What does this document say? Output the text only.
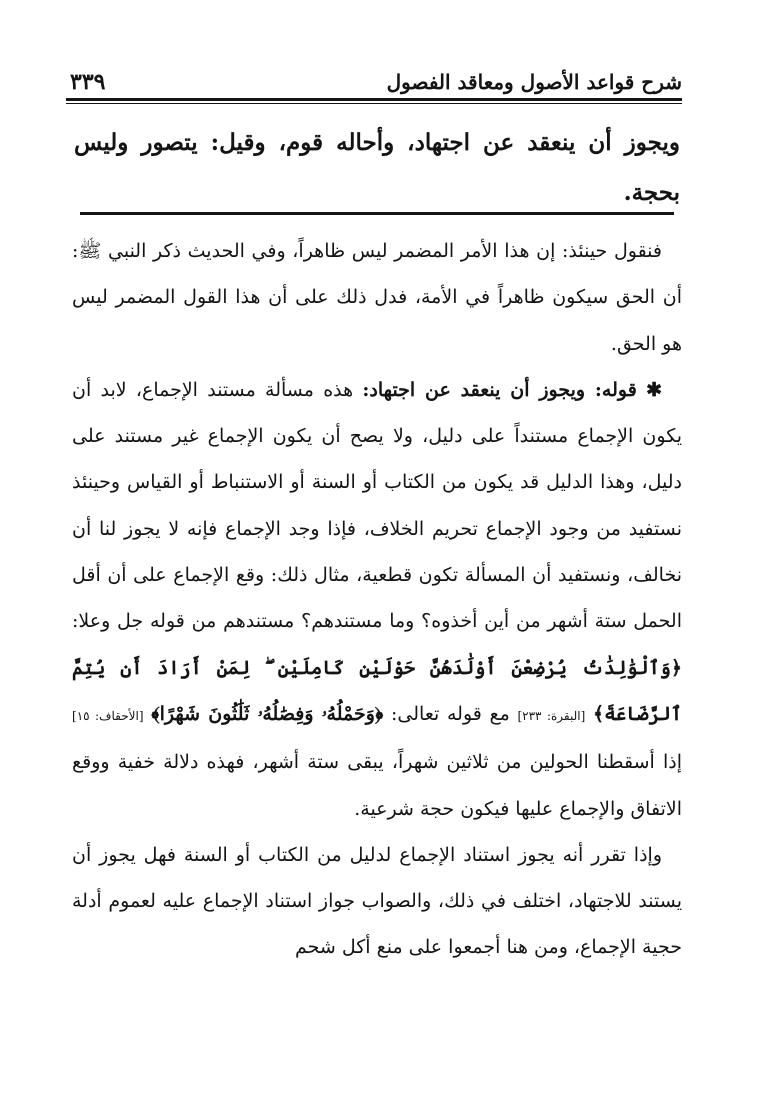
شرح قواعد الأصول ومعاقد الفصول
٣٣٩
ويجوز أن ينعقد عن اجتهاد، وأحاله قوم، وقيل: يتصور وليس بحجة.

فنقول حينئذ: إن هذا الأمر المضمر ليس ظاهراً، وفي الحديث ذكر النبي ﷺ: أن الحق سيكون ظاهراً في الأمة، فدل ذلك على أن هذا القول المضمر ليس هو الحق.

✱ قوله: ويجوز أن ينعقد عن اجتهاد: هذه مسألة مستند الإجماع، لابد أن يكون الإجماع مستنداً على دليل، ولا يصح أن يكون الإجماع غير مستند على دليل، وهذا الدليل قد يكون من الكتاب أو السنة أو الاستنباط أو القياس وحينئذ نستفيد من وجود الإجماع تحريم الخلاف، فإذا وجد الإجماع فإنه لا يجوز لنا أن نخالف، ونستفيد أن المسألة تكون قطعية، مثال ذلك: وقع الإجماع على أن أقل الحمل ستة أشهر من أين أخذوه؟ وما مستندهم؟ مستندهم من قوله جل وعلا: ﴿وَٱلْوَٰلِدَٰتُ يُرْضِعْنَ أَوْلَٰدَهُنَّ حَوْلَيْنِ كَامِلَيْنِ ۖ لِمَنْ أَرَادَ أَن يُتِمَّ ٱلرَّضَاعَةَ﴾ [البقرة: ٢٣٣] مع قوله تعالى: ﴿وَحَمْلُهُۥ وَفِصَٰلُهُۥ ثَلَٰثُونَ شَهْرًا﴾ [الأحقاف: ١٥] إذا أسقطنا الحولين من ثلاثين شهراً، يبقى ستة أشهر، فهذه دلالة خفية ووقع الاتفاق والإجماع عليها فيكون حجة شرعية.

وإذا تقرر أنه يجوز استناد الإجماع لدليل من الكتاب أو السنة فهل يجوز أن يستند للاجتهاد، اختلف في ذلك، والصواب جواز استناد الإجماع عليه لعموم أدلة حجية الإجماع، ومن هنا أجمعوا على منع أكل شحم
